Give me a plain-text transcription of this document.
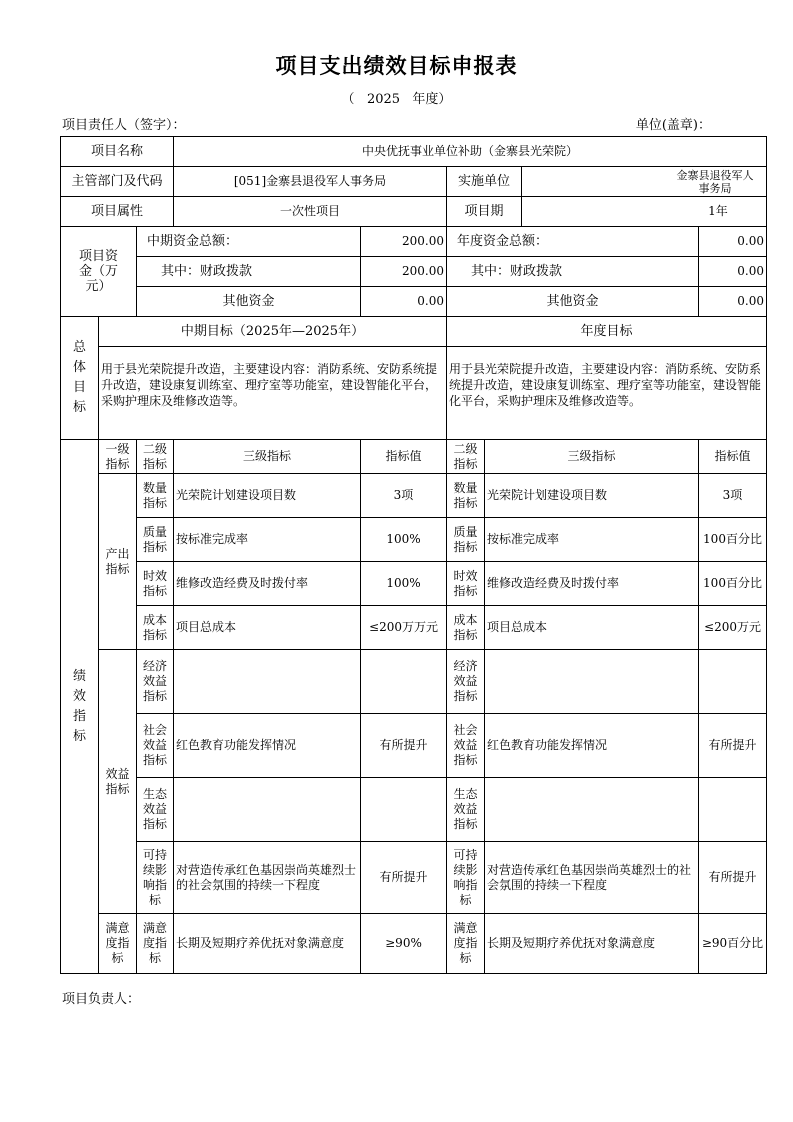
项目支出绩效目标申报表
（   2025   年度）
项目责任人（签字）：	单位(盖章)：
项目名称			中央优抚事业单位补助（金寨县光荣院）					
主管部门及代码			[051]金寨县退役军人事务局		实施单位		金寨县退役军人事务局	
项目属性			一次性项目		项目期		1年	
项目资金（万元）		中期资金总额：		200.00	年度资金总额：			0.00
		其中：财政拨款		200.00	其中：财政拨款			0.00
		其他资金		0.00	其他资金			0.00
总体目标	中期目标（2025年—2025年）				年度目标			
	用于县光荣院提升改造，主要建设内容：消防系统、安防系统提升改造，建设康复训练室、理疗室等功能室，建设智能化平台，采购护理床及维修改造等。				用于县光荣院提升改造，主要建设内容：消防系统、安防系统提升改造，建设康复训练室、理疗室等功能室，建设智能化平台，采购护理床及维修改造等。			
绩效指标	一级指标	二级指标	三级指标	指标值	二级指标	三级指标		指标值
	产出指标	数量指标	光荣院计划建设项目数	3项	数量指标	光荣院计划建设项目数		3项
		质量指标	按标准完成率	100%	质量指标	按标准完成率		100百分比
		时效指标	维修改造经费及时拨付率	100%	时效指标	维修改造经费及时拨付率		100百分比
		成本指标	项目总成本	≤200万万元	成本指标	项目总成本		≤200万元
	效益指标	经济效益指标			经济效益指标			
		社会效益指标	红色教育功能发挥情况	有所提升	社会效益指标	红色教育功能发挥情况		有所提升
		生态效益指标			生态效益指标			
		可持续影响指标	对营造传承红色基因崇尚英雄烈士的社会氛围的持续一下程度	有所提升	可持续影响指标	对营造传承红色基因崇尚英雄烈士的社会氛围的持续一下程度		有所提升
	满意度指标	满意度指标	长期及短期疗养优抚对象满意度	≥90%	满意度指标	长期及短期疗养优抚对象满意度		≥90百分比
项目负责人：
